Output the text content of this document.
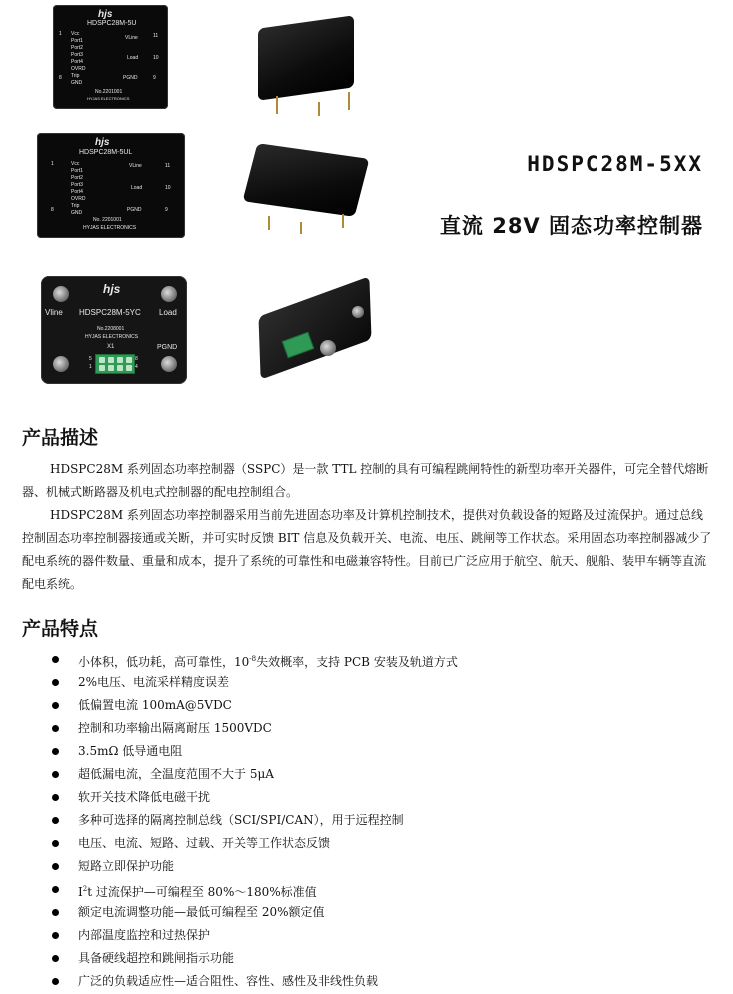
hjs
HDSPC28M-5U
1
8
Vcc
Port1
Port2
Port3
Port4
OVRD
Trip
GND
VLine
Load
PGND
11
10
9
No.2201001
HYJAS ELECTRONICS
hjs
HDSPC28M-5UL
1
8
Vcc
Port1
Port2
Port3
Port4
OVRD
Trip
GND
VLine
Load
PGND
11
10
9
No. 2201001
HYJAS ELECTRONICS
HDSPC28M-5XX
直流 28V 固态功率控制器
hjs
Vline	Load
HDSPC28M-5YC
No.2208001
HYJAS ELECTRONICS
X1	PGND
5
1
8
4
产品描述

HDSPC28M 系列固态功率控制器（SSPC）是一款 TTL 控制的具有可编程跳闸特性的新型功率开关器件，可完全替代熔断器、机械式断路器及机电式控制器的配电控制组合。

HDSPC28M 系列固态功率控制器采用当前先进固态功率及计算机控制技术，提供对负载设备的短路及过流保护。通过总线控制固态功率控制器接通或关断，并可实时反馈 BIT 信息及负载开关、电流、电压、跳闸等工作状态。采用固态功率控制器减少了配电系统的器件数量、重量和成本，提升了系统的可靠性和电磁兼容特性。目前已广泛应用于航空、航天、舰船、装甲车辆等直流配电系统。

产品特点
小体积，低功耗，高可靠性，$10^{-8}$失效概率，支持 PCB 安装及轨道方式
2%电压、电流采样精度误差
低偏置电流 100mA@5VDC
控制和功率输出隔离耐压 1500VDC
3.5mΩ 低导通电阻
超低漏电流，全温度范围不大于 5μA
软开关技术降低电磁干扰
多种可选择的隔离控制总线（SCI/SPI/CAN），用于远程控制
电压、电流、短路、过载、开关等工作状态反馈
短路立即保护功能
$I^2t$ 过流保护—可编程至 80%～180%标准值
额定电流调整功能—最低可编程至 20%额定值
内部温度监控和过热保护
具备硬线超控和跳闸指示功能
广泛的负载适应性—适合阻性、容性、感性及非线性负载
